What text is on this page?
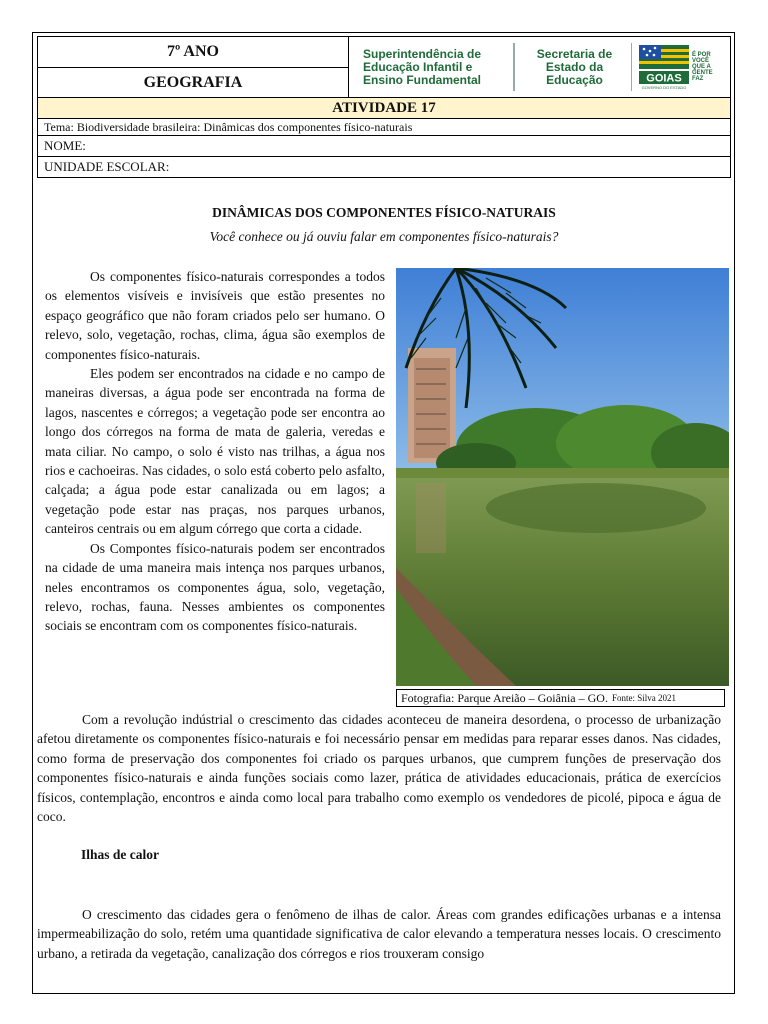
7º ANO
GEOGRAFIA
Superintendência de
Educação Infantil e
Ensino Fundamental
Secretaria de
Estado da
Educação	GOIAS
GOVERNO DO ESTADO
É POR
VOCÊ
QUE A
GENTE
FAZ
ATIVIDADE 17
Tema: Biodiversidade brasileira: Dinâmicas dos componentes físico-naturais
NOME:
UNIDADE ESCOLAR:
DINÂMICAS DOS COMPONENTES FÍSICO-NATURAIS
Você conhece ou já ouviu falar em componentes físico-naturais?

Os componentes físico-naturais correspondes a todos os elementos visíveis e invisíveis que estão presentes no espaço geográfico que não foram criados pelo ser humano. O relevo, solo, vegetação, rochas, clima, água são exemplos de componentes físico-naturais.

Eles podem ser encontrados na cidade e no campo de maneiras diversas, a água pode ser encontrada na forma de lagos, nascentes e córregos; a vegetação pode ser encontra ao longo dos córregos na forma de mata de galeria, veredas e mata ciliar. No campo, o solo é visto nas trilhas, a água nos rios e cachoeiras. Nas cidades, o solo está coberto pelo asfalto, calçada; a água pode estar canalizada ou em lagos; a vegetação pode estar nas praças, nos parques urbanos, canteiros centrais ou em algum córrego que corta a cidade.

Os Compontes físico-naturais podem ser encontrados na cidade de uma maneira mais intença nos parques urbanos, neles encontramos os componentes água, solo, vegetação, relevo, rochas, fauna. Nesses ambientes os componentes sociais se encontram com os componentes físico-naturais.

Fotografia: Parque Areião – Goiânia – GO. Fonte: Silva 2021

Com a revolução indústrial o crescimento das cidades aconteceu de maneira desordena, o processo de urbanização afetou diretamente os componentes físico-naturais e foi necessário pensar em medidas para reparar esses danos. Nas cidades, como forma de preservação dos componentes foi criado os parques urbanos, que cumprem funções de preservação dos componentes físico-naturais e ainda funções sociais como lazer, prática de atividades educacionais, prática de exercícios físicos, contemplação, encontros e ainda como local para trabalho como exemplo os vendedores de picolé, pipoca e água de coco.

Ilhas de calor

O crescimento das cidades gera o fenômeno de ilhas de calor. Áreas com grandes edificações urbanas e a intensa impermeabilização do solo, retém uma quantidade significativa de calor elevando a temperatura nesses locais. O crescimento urbano, a retirada da vegetação, canalização dos córregos e rios trouxeram consigo
